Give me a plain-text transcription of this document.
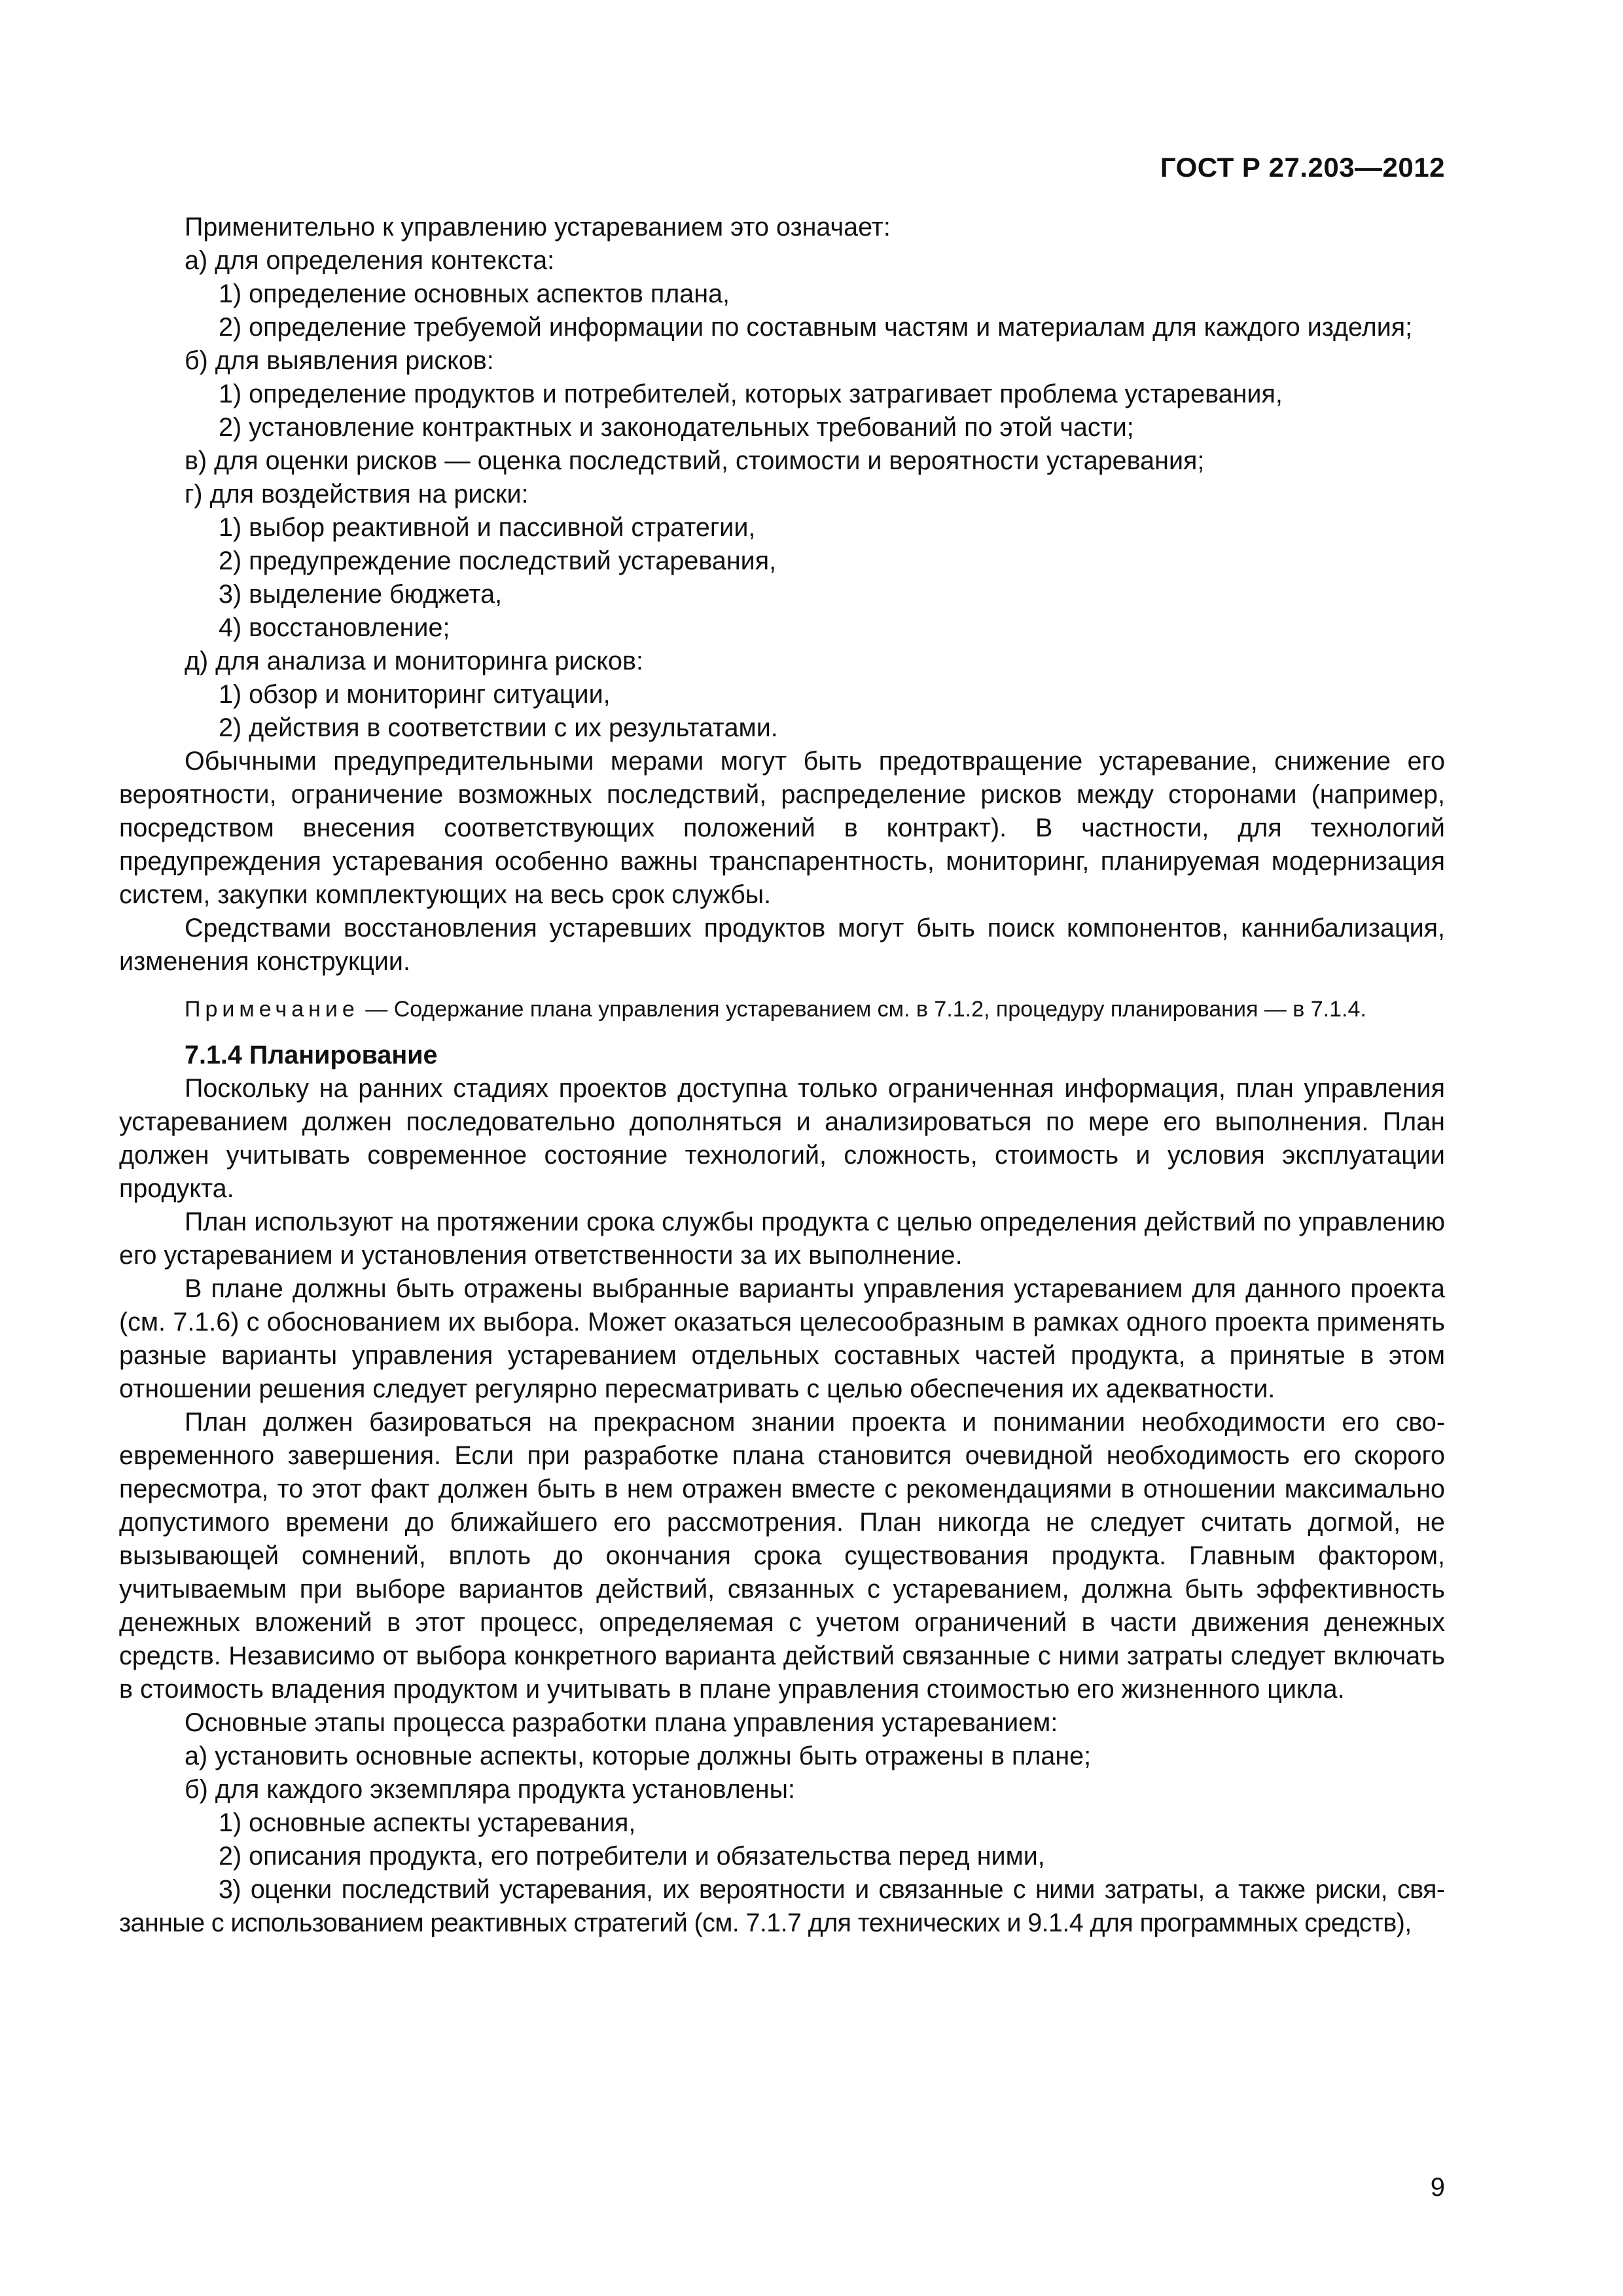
ГОСТ Р 27.203—2012

Применительно к управлению устареванием это означает:

а) для определения контекста:

1) определение основных аспектов плана,

2) определение требуемой информации по составным частям и материалам для каждого изделия;

б) для выявления рисков:

1) определение продуктов и потребителей, которых затрагивает проблема устаревания,

2) установление контрактных и законодательных требований по этой части;

в) для оценки рисков — оценка последствий, стоимости и вероятности устаревания;

г) для воздействия на риски:

1) выбор реактивной и пассивной стратегии,

2) предупреждение последствий устаревания,

3) выделение бюджета,

4) восстановление;

д) для анализа и мониторинга рисков:

1) обзор и мониторинг ситуации,

2) действия в соответствии с их результатами.

Обычными предупредительными мерами могут быть предотвращение устаревание, снижение его вероятности, ограничение возможных последствий, распределение рисков между сторонами (например, посредством внесения соответствующих положений в контракт). В частности, для технологий предупреждения устаревания особенно важны транспарентность, мониторинг, планируемая модернизация систем, закупки комплектующих на весь срок службы.

Средствами восстановления устаревших продуктов могут быть поиск компонентов, каннибализация, изменения конструкции.

Примечание — Содержание плана управления устареванием см. в 7.1.2, процедуру планирования — в 7.1.4.

7.1.4 Планирование

Поскольку на ранних стадиях проектов доступна только ограниченная информация, план управления устареванием должен последовательно дополняться и анализироваться по мере его выполнения. План должен учитывать современное состояние технологий, сложность, стоимость и условия эксплуатации продукта.

План используют на протяжении срока службы продукта с целью определения действий по управлению его устареванием и установления ответственности за их выполнение.

В плане должны быть отражены выбранные варианты управления устареванием для данного проекта (см. 7.1.6) с обоснованием их выбора. Может оказаться целесообразным в рамках одного проекта применять разные варианты управления устареванием отдельных составных частей продукта, а принятые в этом отношении решения следует регулярно пересматривать с целью обеспечения их адекватности.

План должен базироваться на прекрасном знании проекта и понимании необходимости его своевременного завершения. Если при разработке плана становится очевидной необходимость его скорого пересмотра, то этот факт должен быть в нем отражен вместе с рекомендациями в отношении максимально допустимого времени до ближайшего его рассмотрения. План никогда не следует считать догмой, не вызывающей сомнений, вплоть до окончания срока существования продукта. Главным фактором, учитываемым при выборе вариантов действий, связанных с устареванием, должна быть эффективность денежных вложений в этот процесс, определяемая с учетом ограничений в части движения денежных средств. Независимо от выбора конкретного варианта действий связанные с ними затраты следует включать в стоимость владения продуктом и учитывать в плане управления стоимостью его жизненного цикла.

Основные этапы процесса разработки плана управления устареванием:

а) установить основные аспекты, которые должны быть отражены в плане;

б) для каждого экземпляра продукта установлены:

1) основные аспекты устаревания,

2) описания продукта, его потребители и обязательства перед ними,

3) оценки последствий устаревания, их вероятности и связанные с ними затраты, а также риски, связанные с использованием реактивных стратегий (см. 7.1.7 для технических и 9.1.4 для программных средств),

9
